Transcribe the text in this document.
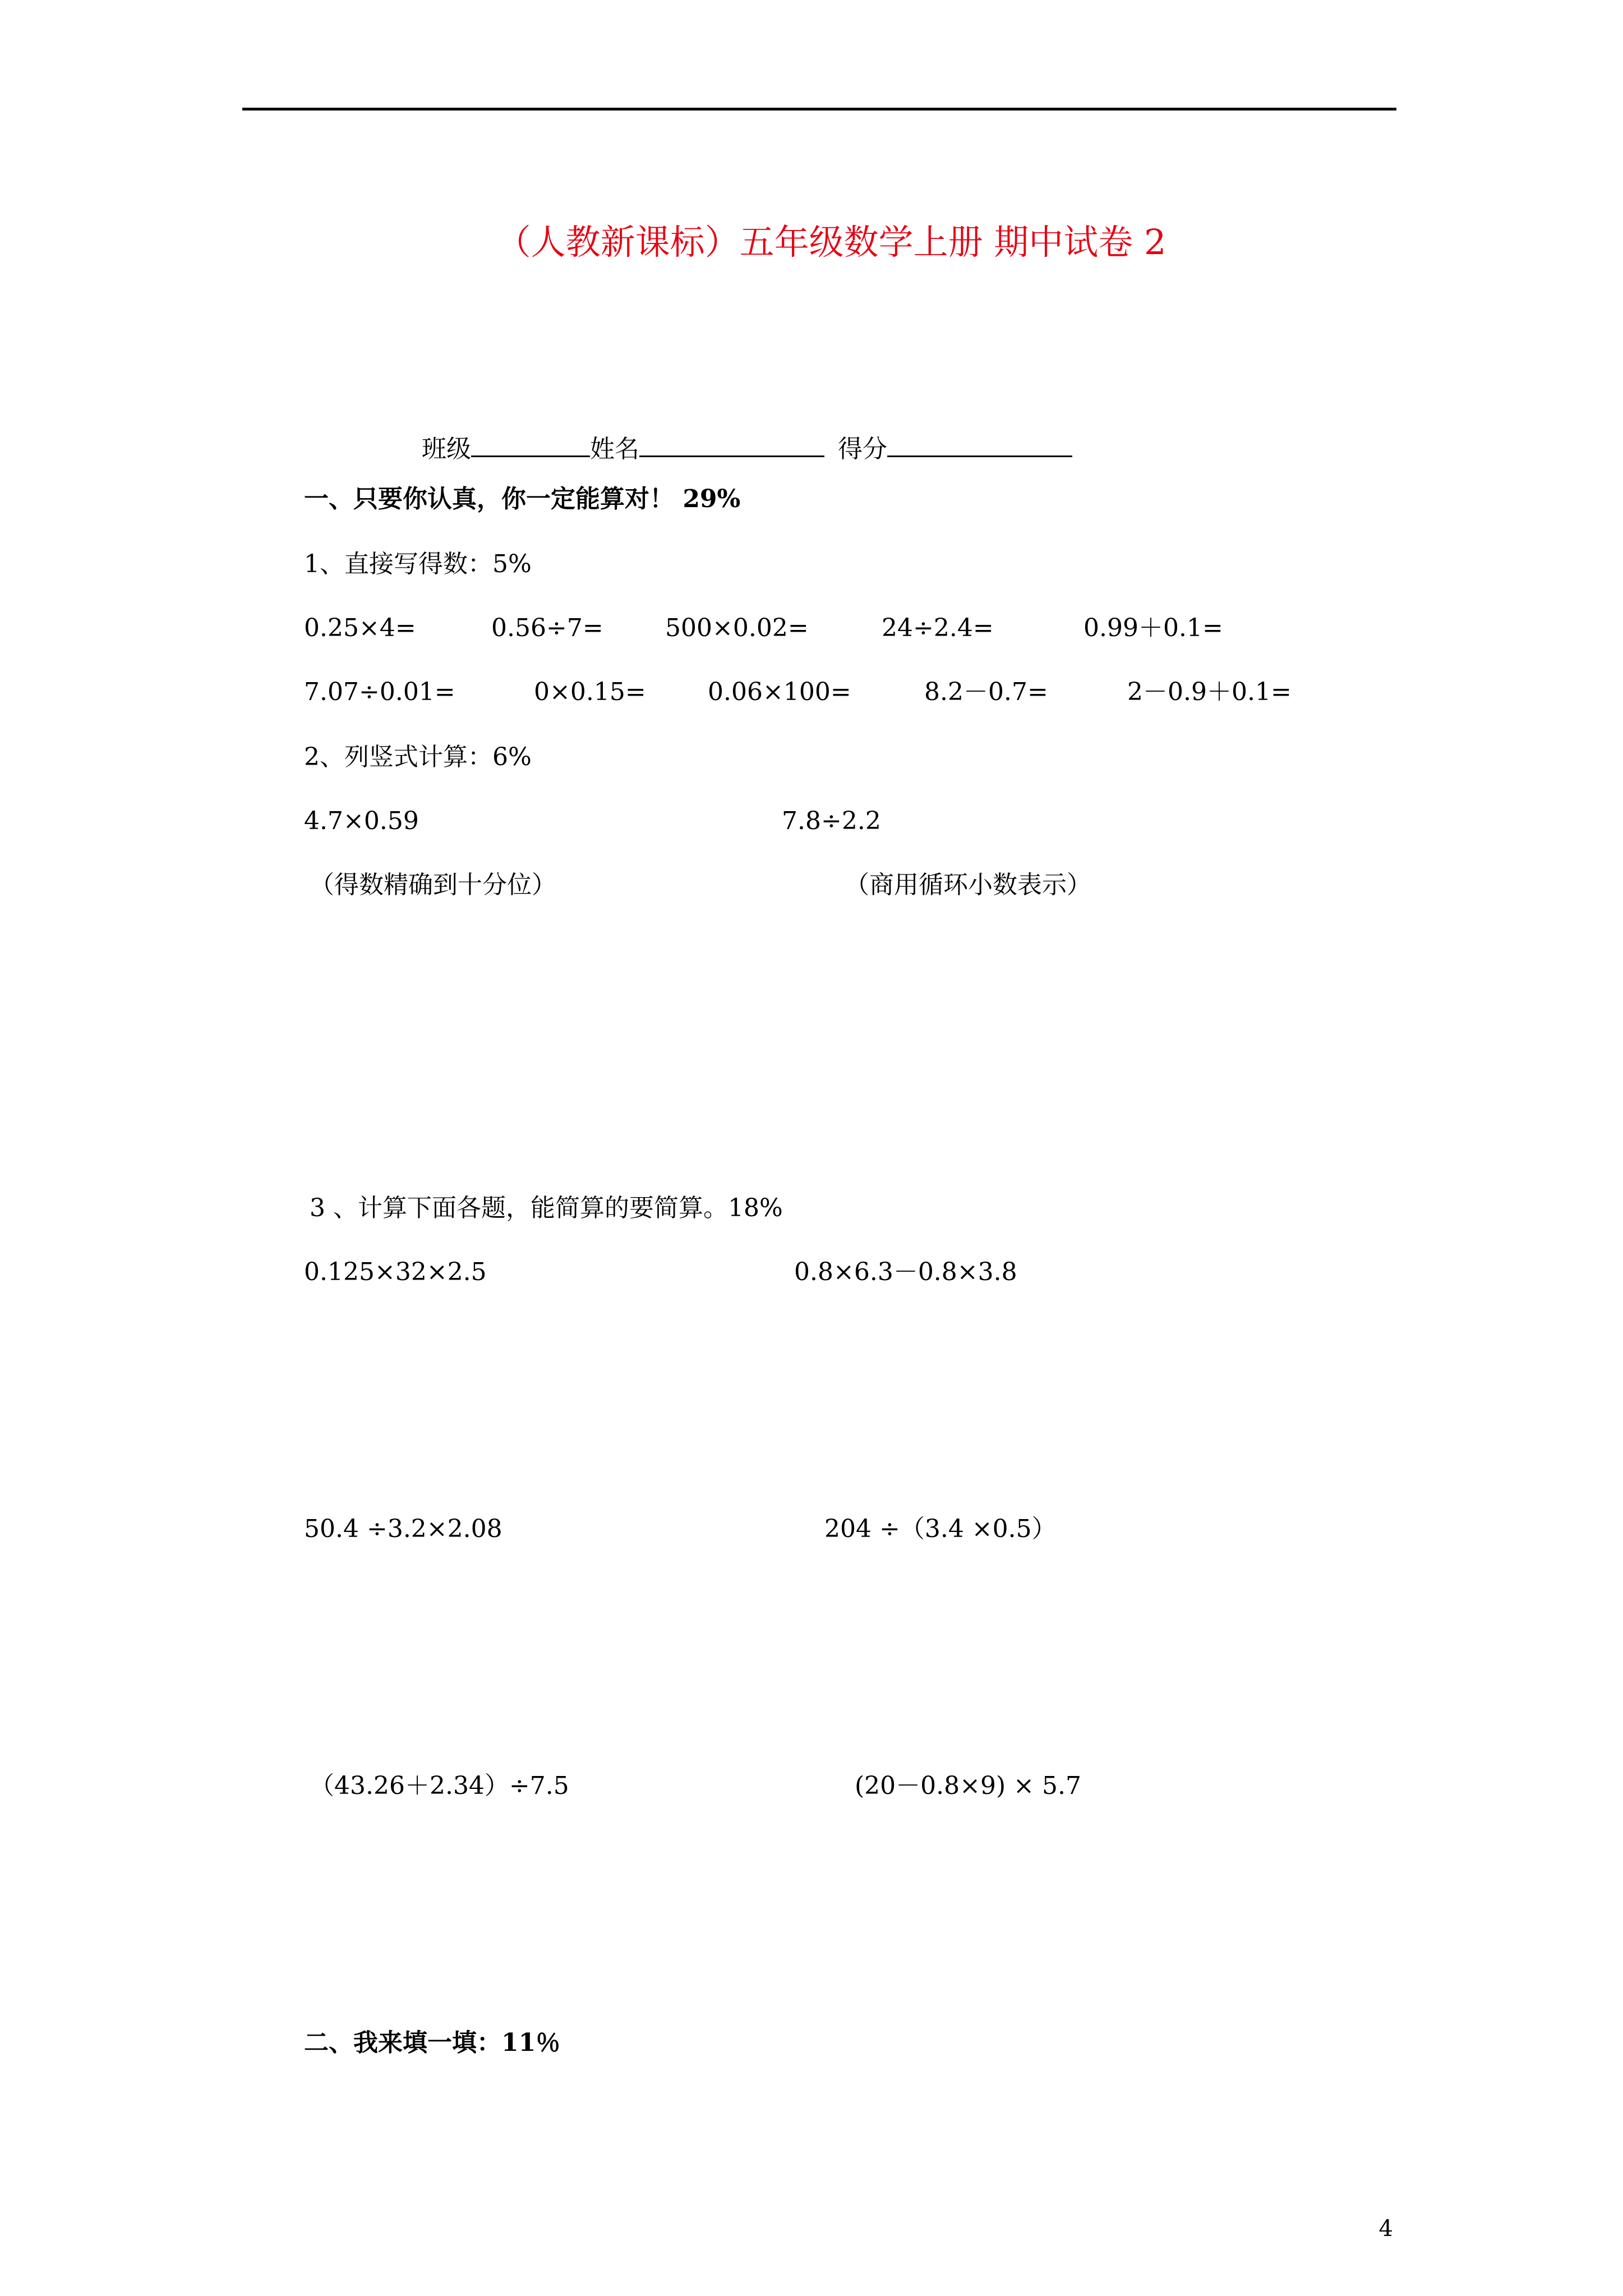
（人教新课标）五年级数学上册 期中试卷 2
班级	姓名	得分
一、只要你认真，你一定能算对！ 29%
1、直接写得数：5%
0.25×4=	0.56÷7=	500×0.02=	24÷2.4=	0.99＋0.1=
7.07÷0.01=	0×0.15=	0.06×100=	8.2－0.7=	2－0.9＋0.1=
2、列竖式计算：6%
4.7×0.59	7.8÷2.2
（得数精确到十分位）	（商用循环小数表示）
3 、计算下面各题，能简算的要简算。18%
0.125×32×2.5	0.8×6.3－0.8×3.8
50.4 ÷3.2×2.08	204 ÷（3.4 ×0.5）
（43.26＋2.34）÷7.5	(20－0.8×9) × 5.7
二、我来填一填：11％
4
